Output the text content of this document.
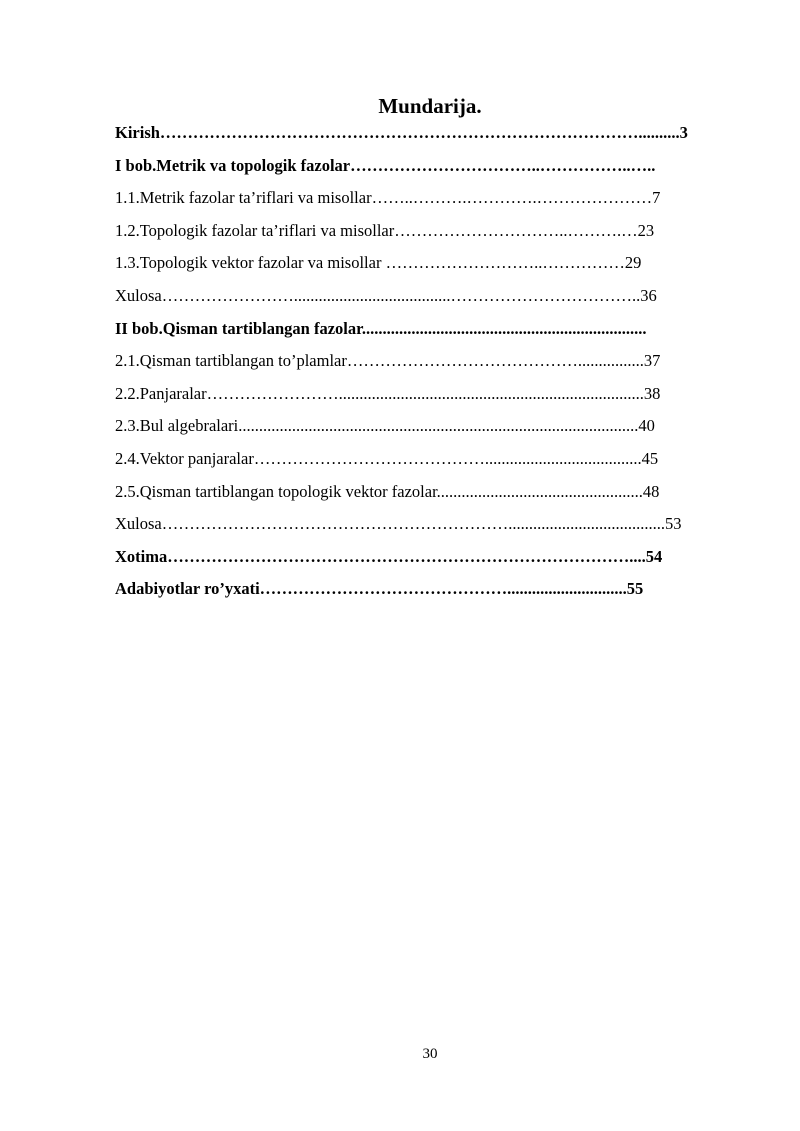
Mundarija.
Kirish……………………………………………………………………………..........3
I bob.Metrik va topologik fazolar……………………………..……………..…..
1.1.Metrik fazolar ta’riflari va misollar……..……….………….…………………7
1.2.Topologik fazolar ta’riflari va misollar…………………………..……….…23
1.3.Topologik vektor fazolar va misollar ………………………..……………29
Xulosa……………………......................................……………………………..36
II bob.Qisman tartiblangan fazolar.....................................................................
2.1.Qisman tartiblangan to’plamlar……………………………………................37
2.2.Panjaralar……………………..........................................................................38
2.3.Bul algebralari.................................................................................................40
2.4.Vektor panjaralar……………………………………......................................45
2.5.Qisman tartiblangan topologik vektor fazolar..................................................48
Xulosa………………………………………………………......................................53
Xotima…………………………………………………………………………....54
Adabiyotlar ro’yxati……………………………………….............................55
30
